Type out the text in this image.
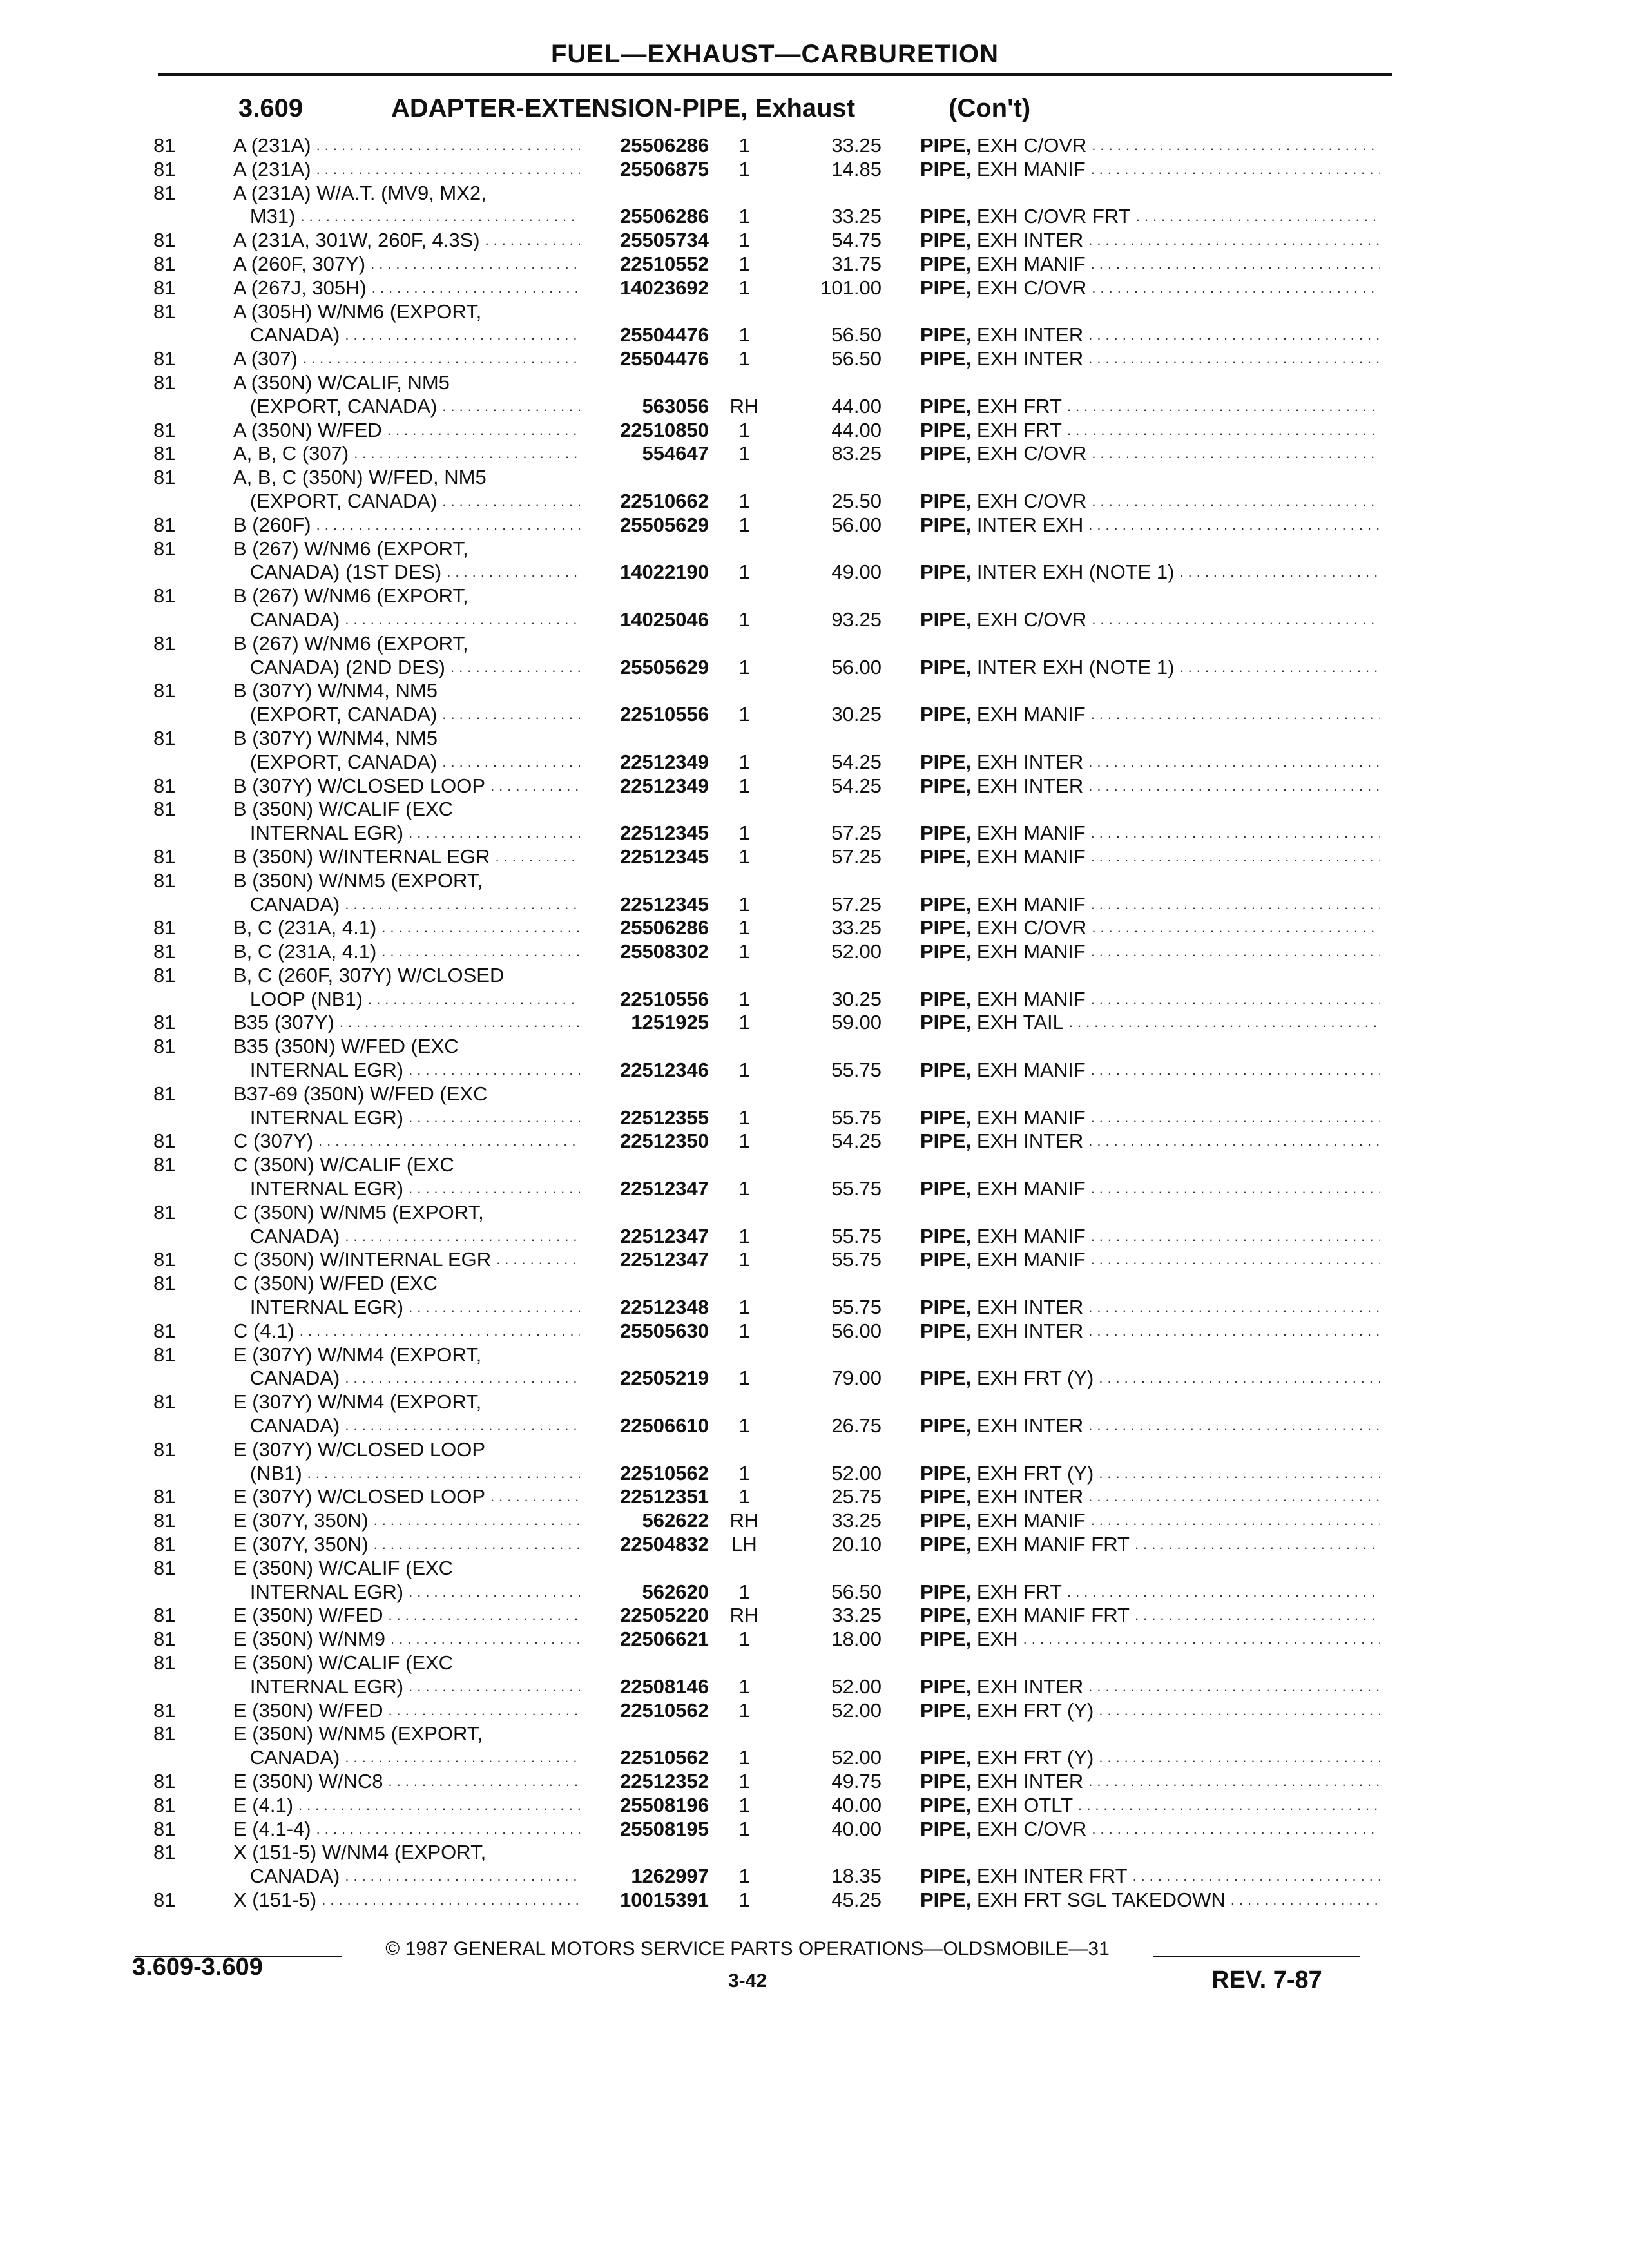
FUEL—EXHAUST—CARBURETION
3.609	ADAPTER-EXTENSION-PIPE, Exhaust	(Con't)
81	A (231A) .....	25506286	1	33.25 PIPE, EXH C/OVR
.....
81	A (231A) .....	25506875	1	14.85 PIPE, EXH MANIF
.....
81	A (231A) W/A.T. (MV9, MX2,
M31) .....	25506286	1	33.25 PIPE, EXH C/OVR FRT
.....
81	A (231A, 301W, 260F, 4.3S) .....	25505734	1	54.75 PIPE, EXH INTER
.....
81	A (260F, 307Y) .....	22510552	1	31.75 PIPE, EXH MANIF
.....
81	A (267J, 305H) .....	14023692	1	101.00 PIPE, EXH C/OVR
.....
81	A (305H) W/NM6 (EXPORT,
CANADA) .....	25504476	1	56.50 PIPE, EXH INTER
.....
81	A (307) .....	25504476	1	56.50 PIPE, EXH INTER
.....
81	A (350N) W/CALIF, NM5
(EXPORT, CANADA) .....	563056 RH	44.00 PIPE, EXH FRT
.....
81	A (350N) W/FED .....	22510850	1	44.00 PIPE, EXH FRT
.....
81	A, B, C (307) .....	554647	1	83.25 PIPE, EXH C/OVR
.....
81	A, B, C (350N) W/FED, NM5
(EXPORT, CANADA) .....	22510662	1	25.50 PIPE, EXH C/OVR
.....
81	B (260F) .....	25505629	1	56.00 PIPE, INTER EXH
.....
81	B (267) W/NM6 (EXPORT,
CANADA) (1ST DES) .....	14022190	1	49.00 PIPE, INTER EXH (NOTE 1)
.....
81	B (267) W/NM6 (EXPORT,
CANADA) .....	14025046	1	93.25 PIPE, EXH C/OVR
.....
81	B (267) W/NM6 (EXPORT,
CANADA) (2ND DES) .....	25505629	1	56.00 PIPE, INTER EXH (NOTE 1)
.....
81	B (307Y) W/NM4, NM5
(EXPORT, CANADA) .....	22510556	1	30.25 PIPE, EXH MANIF
.....
81	B (307Y) W/NM4, NM5
(EXPORT, CANADA) .....	22512349	1	54.25 PIPE, EXH INTER
.....
81	B (307Y) W/CLOSED LOOP .....	22512349	1	54.25 PIPE, EXH INTER
.....
81	B (350N) W/CALIF (EXC
INTERNAL EGR) .....	22512345	1	57.25 PIPE, EXH MANIF
.....
81	B (350N) W/INTERNAL EGR .....	22512345	1	57.25 PIPE, EXH MANIF
.....
81	B (350N) W/NM5 (EXPORT,
CANADA) .....	22512345	1	57.25 PIPE, EXH MANIF
.....
81	B, C (231A, 4.1) .....	25506286	1	33.25 PIPE, EXH C/OVR
.....
81	B, C (231A, 4.1) .....	25508302	1	52.00 PIPE, EXH MANIF
.....
81	B, C (260F, 307Y) W/CLOSED
LOOP (NB1) .....	22510556	1	30.25 PIPE, EXH MANIF
.....
81	B35 (307Y) .....	1251925	1	59.00 PIPE, EXH TAIL
.....
81	B35 (350N) W/FED (EXC
INTERNAL EGR) .....	22512346	1	55.75 PIPE, EXH MANIF
.....
81	B37-69 (350N) W/FED (EXC
INTERNAL EGR) .....	22512355	1	55.75 PIPE, EXH MANIF
.....
81	C (307Y) .....	22512350	1	54.25 PIPE, EXH INTER
.....
81	C (350N) W/CALIF (EXC
INTERNAL EGR) .....	22512347	1	55.75 PIPE, EXH MANIF
.....
81	C (350N) W/NM5 (EXPORT,
CANADA) .....	22512347	1	55.75 PIPE, EXH MANIF
.....
81	C (350N) W/INTERNAL EGR .....	22512347	1	55.75 PIPE, EXH MANIF
.....
81	C (350N) W/FED (EXC
INTERNAL EGR) .....	22512348	1	55.75 PIPE, EXH INTER
.....
81	C (4.1) .....	25505630	1	56.00 PIPE, EXH INTER
.....
81	E (307Y) W/NM4 (EXPORT,
CANADA) .....	22505219	1	79.00 PIPE, EXH FRT (Y)
.....
81	E (307Y) W/NM4 (EXPORT,
CANADA) .....	22506610	1	26.75 PIPE, EXH INTER
.....
81	E (307Y) W/CLOSED LOOP
(NB1) .....	22510562	1	52.00 PIPE, EXH FRT (Y)
.....
81	E (307Y) W/CLOSED LOOP .....	22512351	1	25.75 PIPE, EXH INTER
.....
81	E (307Y, 350N) .....	562622 RH	33.25 PIPE, EXH MANIF
.....
81	E (307Y, 350N) .....	22504832	LH	20.10 PIPE, EXH MANIF FRT
.....
81	E (350N) W/CALIF (EXC
INTERNAL EGR) .....	562620	1	56.50 PIPE, EXH FRT
.....
81	E (350N) W/FED .....	22505220 RH	33.25 PIPE, EXH MANIF FRT
.....
81	E (350N) W/NM9 .....	22506621	1	18.00 PIPE, EXH
.....
81	E (350N) W/CALIF (EXC
INTERNAL EGR) .....	22508146	1	52.00 PIPE, EXH INTER
.....
81	E (350N) W/FED .....	22510562	1	52.00 PIPE, EXH FRT (Y)
.....
81	E (350N) W/NM5 (EXPORT,
CANADA) .....	22510562	1	52.00 PIPE, EXH FRT (Y)
.....
81	E (350N) W/NC8 .....	22512352	1	49.75 PIPE, EXH INTER
.....
81	E (4.1) .....	25508196	1	40.00 PIPE, EXH OTLT
.....
81	E (4.1-4) .....	25508195	1	40.00 PIPE, EXH C/OVR
.....
81	X (151-5) W/NM4 (EXPORT,
CANADA) .....	1262997	1	18.35 PIPE, EXH INTER FRT
.....
81	X (151-5) .....	10015391	1	45.25 PIPE, EXH FRT SGL TAKEDOWN
.....
3.609-3.609
© 1987 GENERAL MOTORS SERVICE PARTS OPERATIONS—OLDSMOBILE—31
3-42	REV. 7-87
